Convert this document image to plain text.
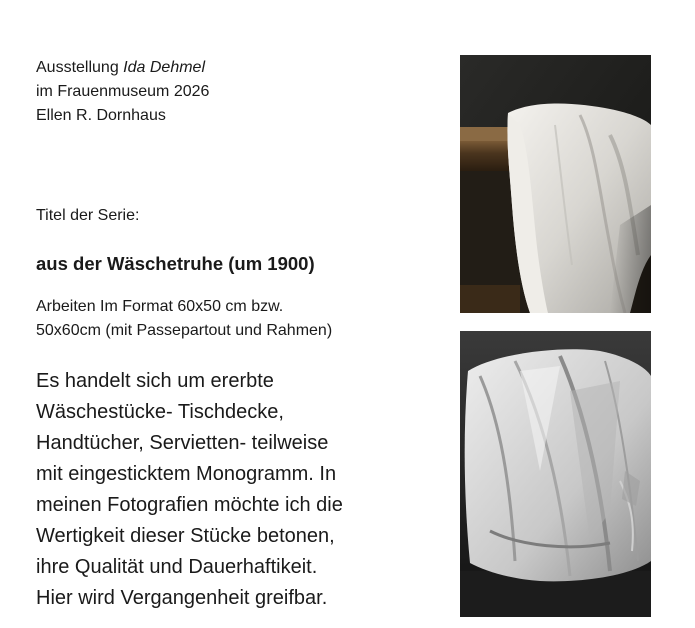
Ausstellung Ida Dehmel

im Frauenmuseum 2026

Ellen R. Dornhaus

Titel der Serie:
aus der Wäschetruhe (um 1900)

Arbeiten Im Format 60x50 cm bzw.

50x60cm (mit Passepartout und Rahmen)

Es handelt sich um ererbte

Wäschestücke- Tischdecke,

Handtücher, Servietten- teilweise

mit eingesticktem Monogramm. In

meinen Fotografien möchte ich die

Wertigkeit dieser Stücke betonen,

ihre Qualität und Dauerhaftikeit.

Hier wird Vergangenheit greifbar.
